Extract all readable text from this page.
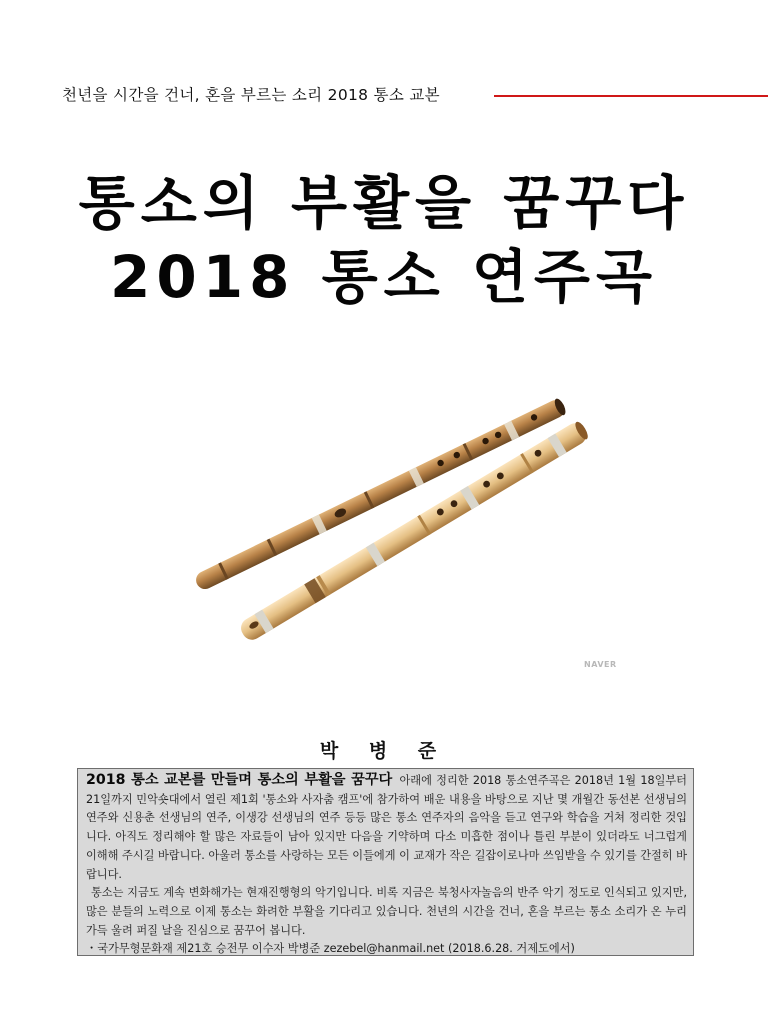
천년을 시간을 건너, 혼을 부르는 소리 2018 통소 교본
통소의 부활을 꿈꾸다
2018 통소 연주곡
NAVER
박 병 준

2018 통소 교본를 만들며 통소의 부활을 꿈꾸다 아래에 정리한 2018 통소연주곡은 2018년 1월 18일부터 21일까지 민악숏대에서 열린 제1회 '통소와 사자춤 캠프'에 참가하여 배운 내용을 바탕으로 지난 몇 개월간 동선본 선생님의 연주와 신용춘 선생님의 연주, 이생강 선생님의 연주 등등 많은 통소 연주자의 음악을 듣고 연구와 학습을 거쳐 정리한 것입니다. 아직도 정리해야 할 많은 자료들이 남아 있지만 다음을 기약하며 다소 미흡한 점이나 틀린 부분이 있더라도 너그럽게 이해해 주시길 바랍니다. 아울러 통소를 사랑하는 모든 이들에게 이 교재가 작은 길잡이로나마 쓰임받을 수 있기를 간절히 바랍니다.

통소는 지금도 계속 변화해가는 현재진행형의 악기입니다. 비록 지금은 북청사자놀음의 반주 악기 정도로 인식되고 있지만, 많은 분들의 노력으로 이제 통소는 화려한 부활을 기다리고 있습니다. 천년의 시간을 건너, 혼을 부르는 통소 소리가 온 누리 가득 울려 퍼질 날을 진심으로 꿈꾸어 봅니다.

・국가무형문화재 제21호 승전무 이수자 박병준 zezebel@hanmail.net (2018.6.28. 거제도에서)
